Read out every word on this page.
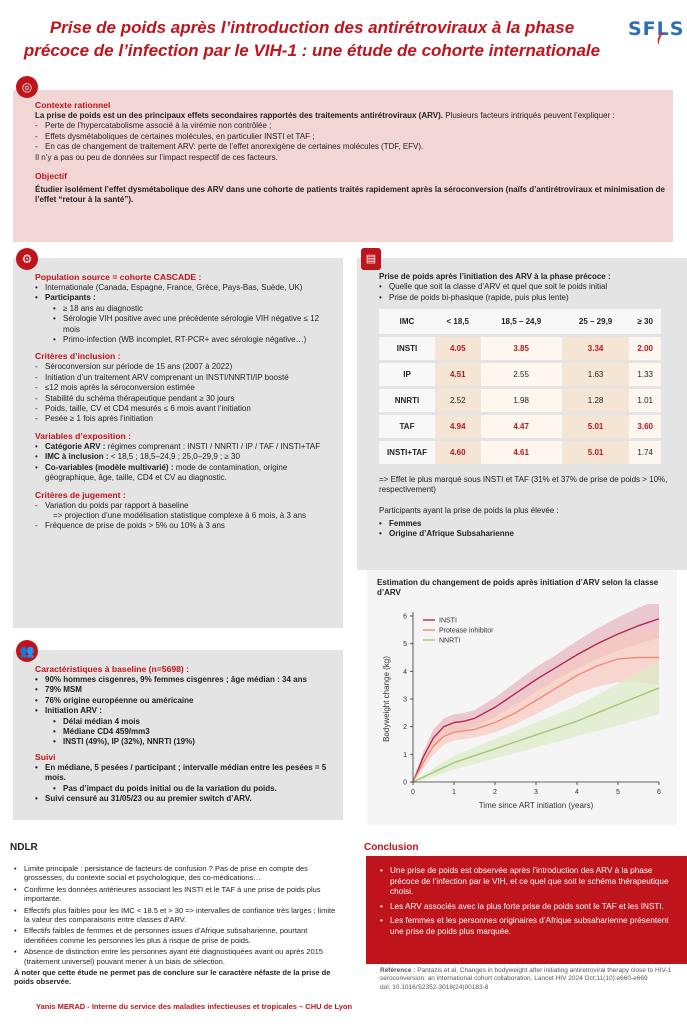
Prise de poids après l’introduction des antirétroviraux à la phase
précoce de l’infection par le VIH-1 : une étude de cohorte internationale
SFLS
◎
Contexte rationnel
La prise de poids est un des principaux effets secondaires rapportés des traitements antirétroviraux (ARV). Plusieurs facteurs intriqués peuvent l’expliquer :
- Perte de l’hypercatabolisme associé à la virémie non contrôlée ;
- Effets dysmétaboliques de certaines molécules, en particulier INSTI et TAF ;
- En cas de changement de traitement ARV: perte de l’effet anorexigène de certaines molécules (TDF, EFV).
Il n’y a pas ou peu de données sur l’impact respectif de ces facteurs.
Objectif
Étudier isolément l’effet dysmétabolique des ARV dans une cohorte de patients traités rapidement après la séroconversion (naïfs d’antirétroviraux et minimisation de l’effet “retour à la santé”).
⚙
Population source = cohorte CASCADE :
• Internationale (Canada, Espagne, France, Grèce, Pays-Bas, Suède, UK)
• Participants :
• ≥ 18 ans au diagnostic
• Sérologie VIH positive avec une précédente sérologie VIH négative ≤ 12 mois
• Primo-infection (WB incomplet, RT-PCR+ avec sérologie négative…)
Critères d’inclusion :
- Séroconversion sur période de 15 ans (2007 à 2022)
- Initiation d’un traitement ARV comprenant un INSTI/NNRTI/IP boosté
- ≤12 mois après la séroconversion estimée
- Stabilité du schéma thérapeutique pendant ≥ 30 jours
- Poids, taille, CV et CD4 mesurés ≤ 6 mois avant l’initiation
- Pesée ≥ 1 fois après l’initiation
Variables d’exposition :
• Catégorie ARV : régimes comprenant : INSTI / NNRTI / IP / TAF / INSTI+TAF
• IMC à inclusion : < 18,5 ; 18,5–24,9 ; 25,0–29,9 ; ≥ 30
• Co-variables (modèle multivarié) : mode de contamination, origine géographique, âge, taille, CD4 et CV au diagnostic.
Critères de jugement :
- Variation du poids par rapport à baseline
=> projection d’une modélisation statistique complexe à 6 mois, à 3 ans
- Fréquence de prise de poids > 5% ou 10% à 3 ans
👥
Caractéristiques à baseline (n=5698) :
• 90% hommes cisgenres, 9% femmes cisgenres ; âge médian : 34 ans
• 79% MSM
• 76% origine européenne ou américaine
• Initiation ARV :
• Délai médian 4 mois
• Médiane CD4 459/mm3
• INSTI (49%), IP (32%), NNRTI (19%)
Suivi
• En médiane, 5 pesées / participant ; intervalle médian entre les pesées = 5 mois.
• Pas d’impact du poids initial ou de la variation du poids.
• Suivi censuré au 31/05/23 ou au premier switch d’ARV.
▤
Prise de poids après l’initiation des ARV à la phase précoce :
• Quelle que soit la classe d’ARV et quel que soit le poids initial
• Prise de poids bi-phasique (rapide, puis plus lente)
IMC	< 18,5	18,5 – 24,9	25 – 29,9	≥ 30
INSTI	4.05	3.85	3.34	2.00
IP	4.51	2.55	1.63	1.33
NNRTI	2.52	1.98	1.28	1.01
TAF	4.94	4.47	5.01	3.60
INSTI+TAF	4.60	4.61	5.01	1.74
=> Effet le plus marqué sous INSTI et TAF (31% et 37% de prise de poids > 10%, respectivement)
Participants ayant la prise de poids la plus élevée :
• Femmes
• Origine d’Afrique Subsaharienne
Estimation du changement de poids après initiation d’ARV selon la classe d’ARV
0	1	2	3	4	5	6
0
1
2
3
4
5
6
Time since ART initiation (years)
Bodyweight change (kg)
INSTI
Protease inhibitor
NNRTI
NDLR
• Limite principale : persistance de facteurs de confusion ? Pas de prise en compte des grossesses, du contexte social et psychologique, des co-médications…
• Confirme les données antérieures associant les INSTI et le TAF à une prise de poids plus importante.
• Effectifs plus faibles pour les IMC < 18.5 et > 30 => intervalles de confiance très larges ; limite la valeur des comparaisons entre classes d’ARV.
• Effectifs faibles de femmes et de personnes issues d’Afrique subsaharienne, pourtant identifiées comme les personnes les plus à risque de prise de poids.
• Absence de distinction entre les personnes ayant été diagnostiquées avant ou après 2015 (traitement universel) pouvant mener à un biais de sélection.
À noter que cette étude ne permet pas de conclure sur le caractère néfaste de la prise de poids observée.
Conclusion
• Une prise de poids est observée après l’introduction des ARV à la phase précoce de l’infection par le VIH, et ce quel que soit le schéma thérapeutique choisi.
• Les ARV associés avec la plus forte prise de poids sont le TAF et les INSTI.
• Les femmes et les personnes originaires d’Afrique subsaharienne présentent une prise de poids plus marquée.
Référence : Pantazis et al, Changes in bodyweight after initiating antiretroviral therapy close to HIV-1 seroconversion: an international cohort collaboration. Lancet HIV 2024 Oct;11(10):e660-e669
doi: 10.1016/S2352-3018(24)00183-8
Yanis MERAD - Interne du service des maladies infectieuses et tropicales – CHU de Lyon
